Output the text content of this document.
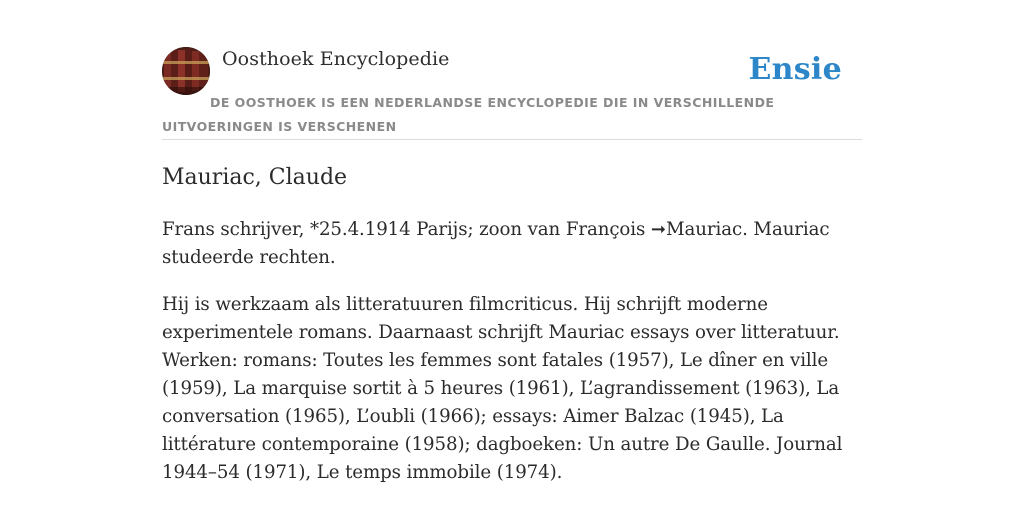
Oosthoek Encyclopedie	Ensie
DE OOSTHOEK IS EEN NEDERLANDSE ENCYCLOPEDIE DIE IN VERSCHILLENDE UITVOERINGEN IS VERSCHENEN
Mauriac, Claude

Frans schrijver, *25.4.1914 Parijs; zoon van François ➞Mauriac. Mauriac studeerde rechten.

Hij is werkzaam als litteratuuren filmcriticus. Hij schrijft moderne experimentele romans. Daarnaast schrijft Mauriac essays over litteratuur. Werken: romans: Toutes les femmes sont fatales (1957), Le dîner en ville (1959), La marquise sortit à 5 heures (1961), L’agrandissement (1963), La conversation (1965), L’oubli (1966); essays: Aimer Balzac (1945), La littérature contemporaine (1958); dagboeken: Un autre De Gaulle. Journal 1944–54 (1971), Le temps immobile (1974).
